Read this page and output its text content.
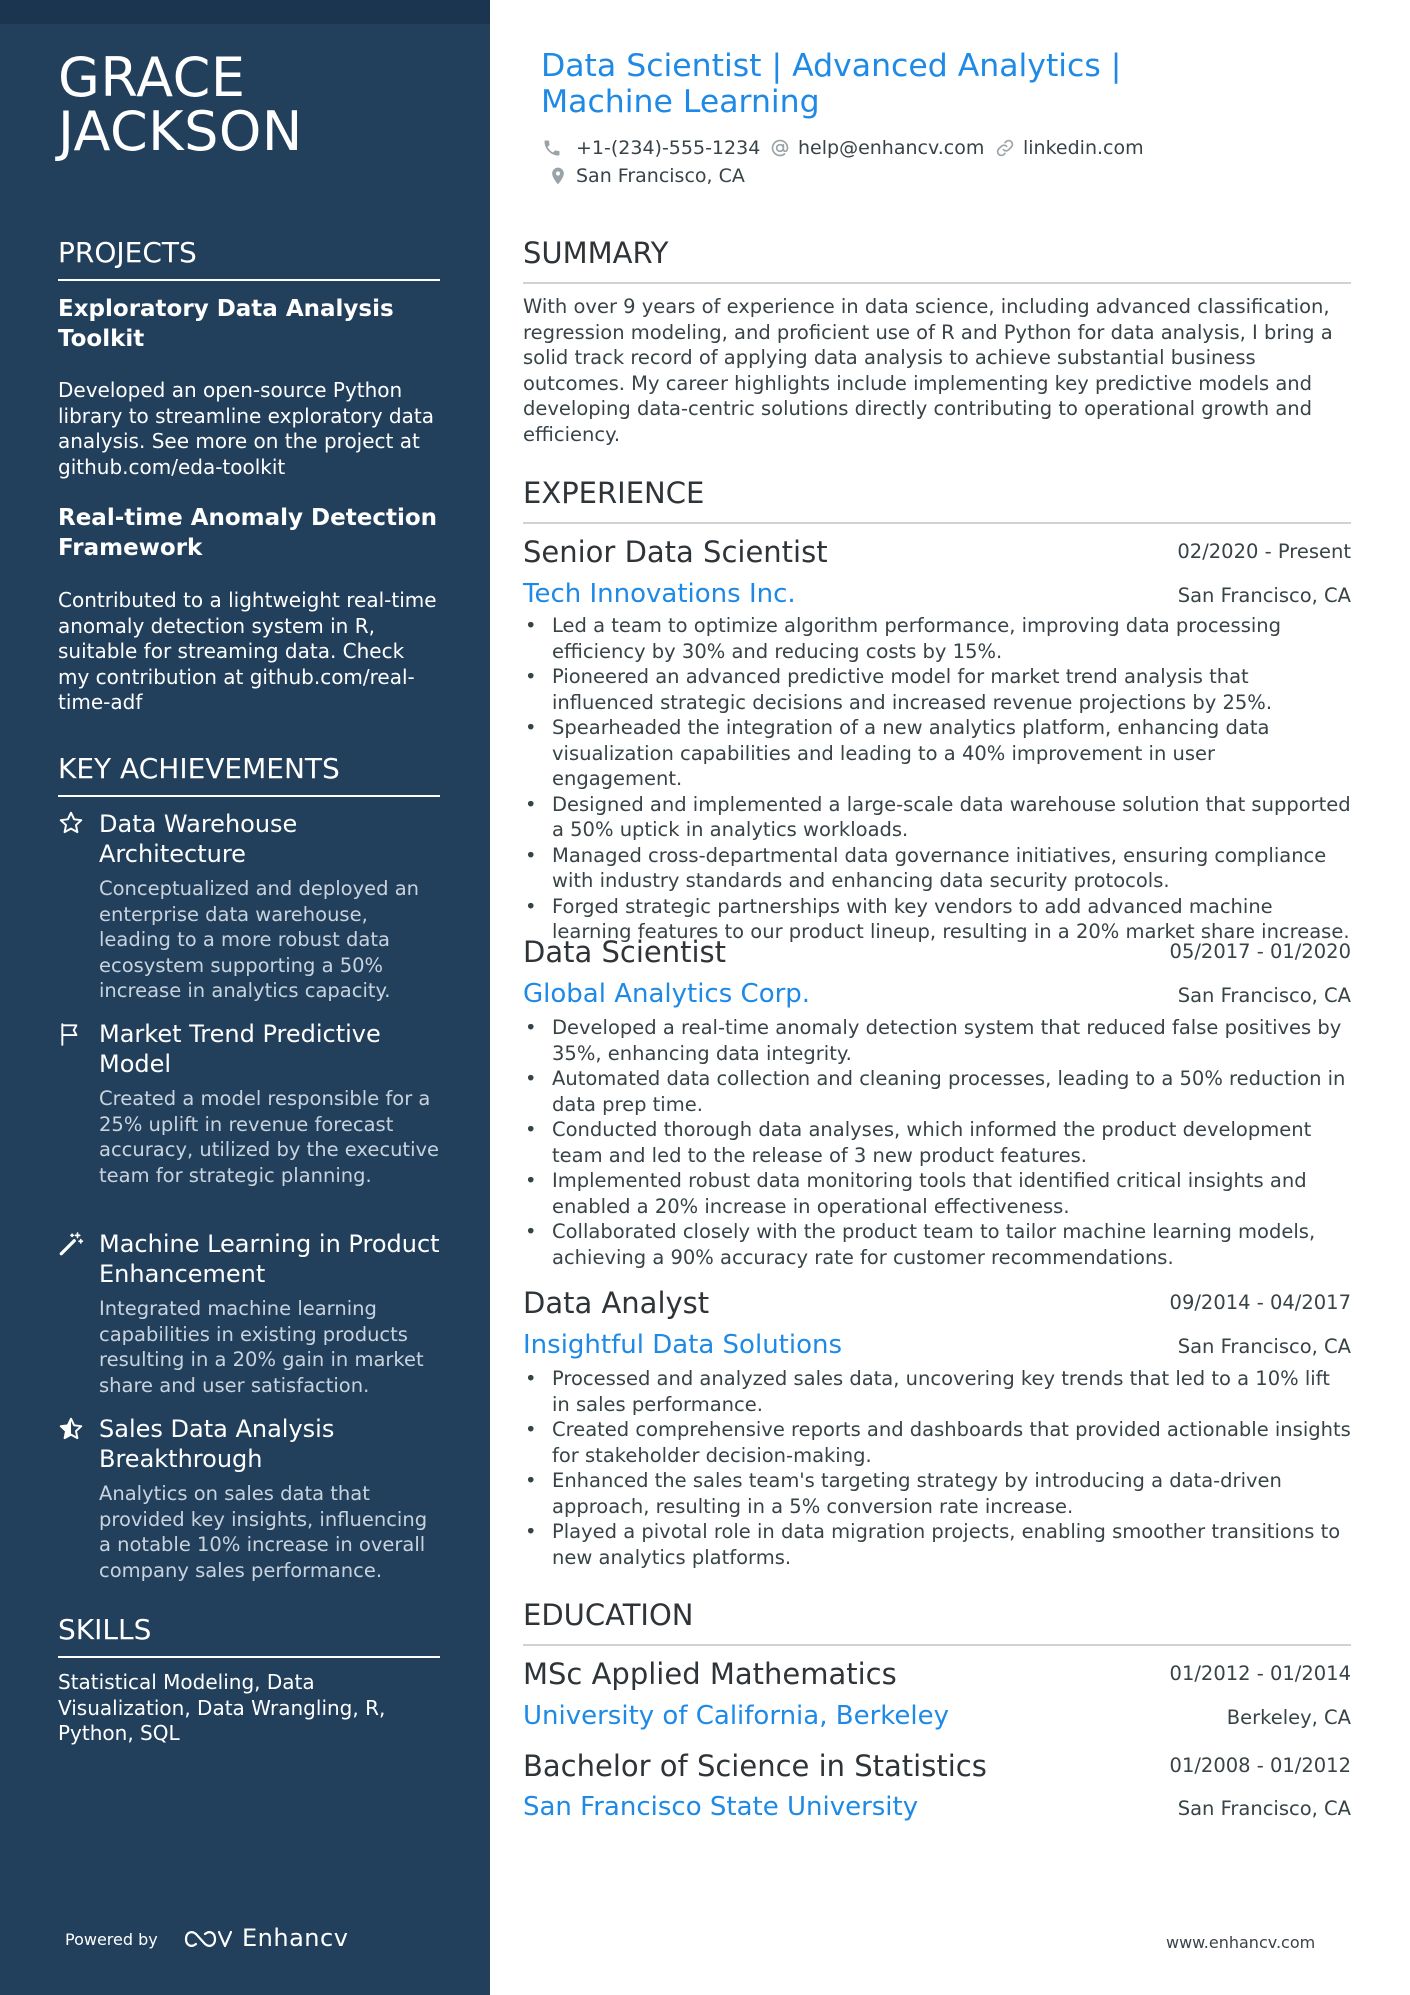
GRACE
JACKSON
PROJECTS
Exploratory Data Analysis Toolkit
Developed an open-source Python library to streamline exploratory data analysis. See more on the project at github.com/eda-toolkit
Real-time Anomaly Detection Framework
Contributed to a lightweight real-time anomaly detection system in R, suitable for streaming data. Check my contribution at github.com/real-time-adf
KEY ACHIEVEMENTS
Data Warehouse Architecture
Conceptualized and deployed an enterprise data warehouse, leading to a more robust data ecosystem supporting a 50% increase in analytics capacity.
Market Trend Predictive Model
Created a model responsible for a 25% uplift in revenue forecast accuracy, utilized by the executive team for strategic planning.
Machine Learning in Product Enhancement
Integrated machine learning capabilities in existing products resulting in a 20% gain in market share and user satisfaction.
Sales Data Analysis Breakthrough
Analytics on sales data that provided key insights, influencing a notable 10% increase in overall company sales performance.
SKILLS
Statistical Modeling, Data Visualization, Data Wrangling, R, Python, SQL
Powered by	Enhancv
Data Scientist | Advanced Analytics | Machine Learning
+1-(234)-555-1234 help@enhancv.com linkedin.com
San Francisco, CA
SUMMARY
With over 9 years of experience in data science, including advanced classification, regression modeling, and proficient use of R and Python for data analysis, I bring a solid track record of applying data analysis to achieve substantial business outcomes. My career highlights include implementing key predictive models and developing data-centric solutions directly contributing to operational growth and efficiency.
EXPERIENCE
Senior Data Scientist	02/2020 - Present
Tech Innovations Inc.	San Francisco, CA
• Led a team to optimize algorithm performance, improving data processing efficiency by 30% and reducing costs by 15%.
• Pioneered an advanced predictive model for market trend analysis that influenced strategic decisions and increased revenue projections by 25%.
• Spearheaded the integration of a new analytics platform, enhancing data visualization capabilities and leading to a 40% improvement in user engagement.
• Designed and implemented a large-scale data warehouse solution that supported a 50% uptick in analytics workloads.
• Managed cross-departmental data governance initiatives, ensuring compliance with industry standards and enhancing data security protocols.
• Forged strategic partnerships with key vendors to add advanced machine learning features to our product lineup, resulting in a 20% market share increase.
Data Scientist	05/2017 - 01/2020
Global Analytics Corp.	San Francisco, CA
• Developed a real-time anomaly detection system that reduced false positives by 35%, enhancing data integrity.
• Automated data collection and cleaning processes, leading to a 50% reduction in data prep time.
• Conducted thorough data analyses, which informed the product development team and led to the release of 3 new product features.
• Implemented robust data monitoring tools that identified critical insights and enabled a 20% increase in operational effectiveness.
• Collaborated closely with the product team to tailor machine learning models, achieving a 90% accuracy rate for customer recommendations.
Data Analyst	09/2014 - 04/2017
Insightful Data Solutions	San Francisco, CA
• Processed and analyzed sales data, uncovering key trends that led to a 10% lift in sales performance.
• Created comprehensive reports and dashboards that provided actionable insights for stakeholder decision-making.
• Enhanced the sales team's targeting strategy by introducing a data-driven approach, resulting in a 5% conversion rate increase.
• Played a pivotal role in data migration projects, enabling smoother transitions to new analytics platforms.
EDUCATION
MSc Applied Mathematics	01/2012 - 01/2014
University of California, Berkeley	Berkeley, CA
Bachelor of Science in Statistics	01/2008 - 01/2012
San Francisco State University	San Francisco, CA
www.enhancv.com
